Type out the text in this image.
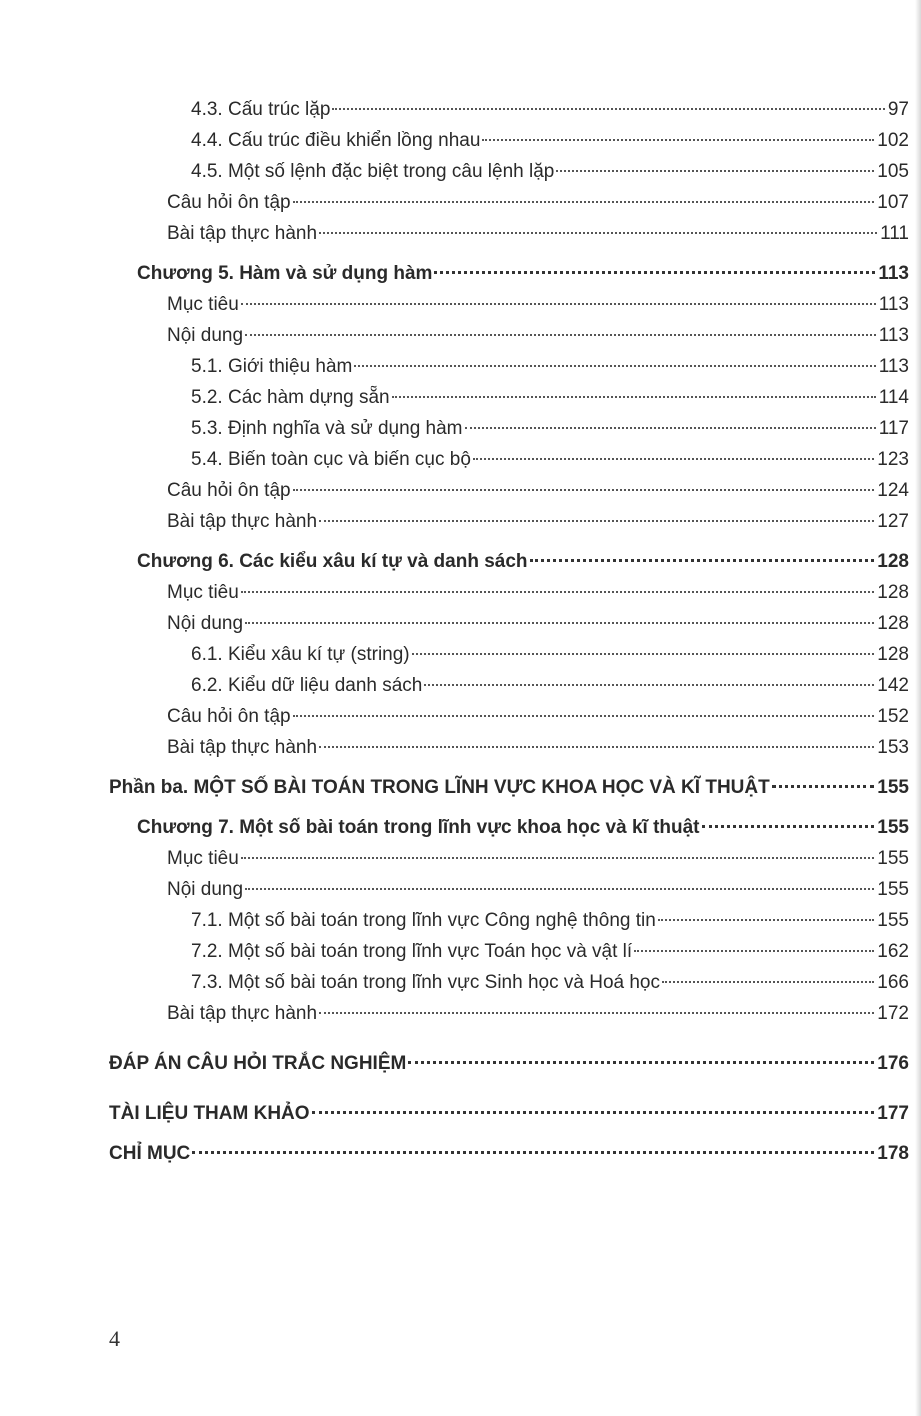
4.3. Cấu trúc lặp	97
4.4. Cấu trúc điều khiển lồng nhau	102
4.5. Một số lệnh đặc biệt trong câu lệnh lặp	105
Câu hỏi ôn tập	107
Bài tập thực hành	111
Chương 5. Hàm và sử dụng hàm	113
Mục tiêu	113
Nội dung	113
5.1. Giới thiệu hàm	113
5.2. Các hàm dựng sẵn	114
5.3. Định nghĩa và sử dụng hàm	117
5.4. Biến toàn cục và biến cục bộ	123
Câu hỏi ôn tập	124
Bài tập thực hành	127
Chương 6. Các kiểu xâu kí tự và danh sách	128
Mục tiêu	128
Nội dung	128
6.1. Kiểu xâu kí tự (string)	128
6.2. Kiểu dữ liệu danh sách	142
Câu hỏi ôn tập	152
Bài tập thực hành	153
Phần ba. MỘT SỐ BÀI TOÁN TRONG LĨNH VỰC KHOA HỌC VÀ KĨ THUẬT	155
Chương 7. Một số bài toán trong lĩnh vực khoa học và kĩ thuật	155
Mục tiêu	155
Nội dung	155
7.1. Một số bài toán trong lĩnh vực Công nghệ thông tin	155
7.2. Một số bài toán trong lĩnh vực Toán học và vật lí	162
7.3. Một số bài toán trong lĩnh vực Sinh học và Hoá học	166
Bài tập thực hành	172
ĐÁP ÁN CÂU HỎI TRẮC NGHIỆM	176
TÀI LIỆU THAM KHẢO	177
CHỈ MỤC	178
4
